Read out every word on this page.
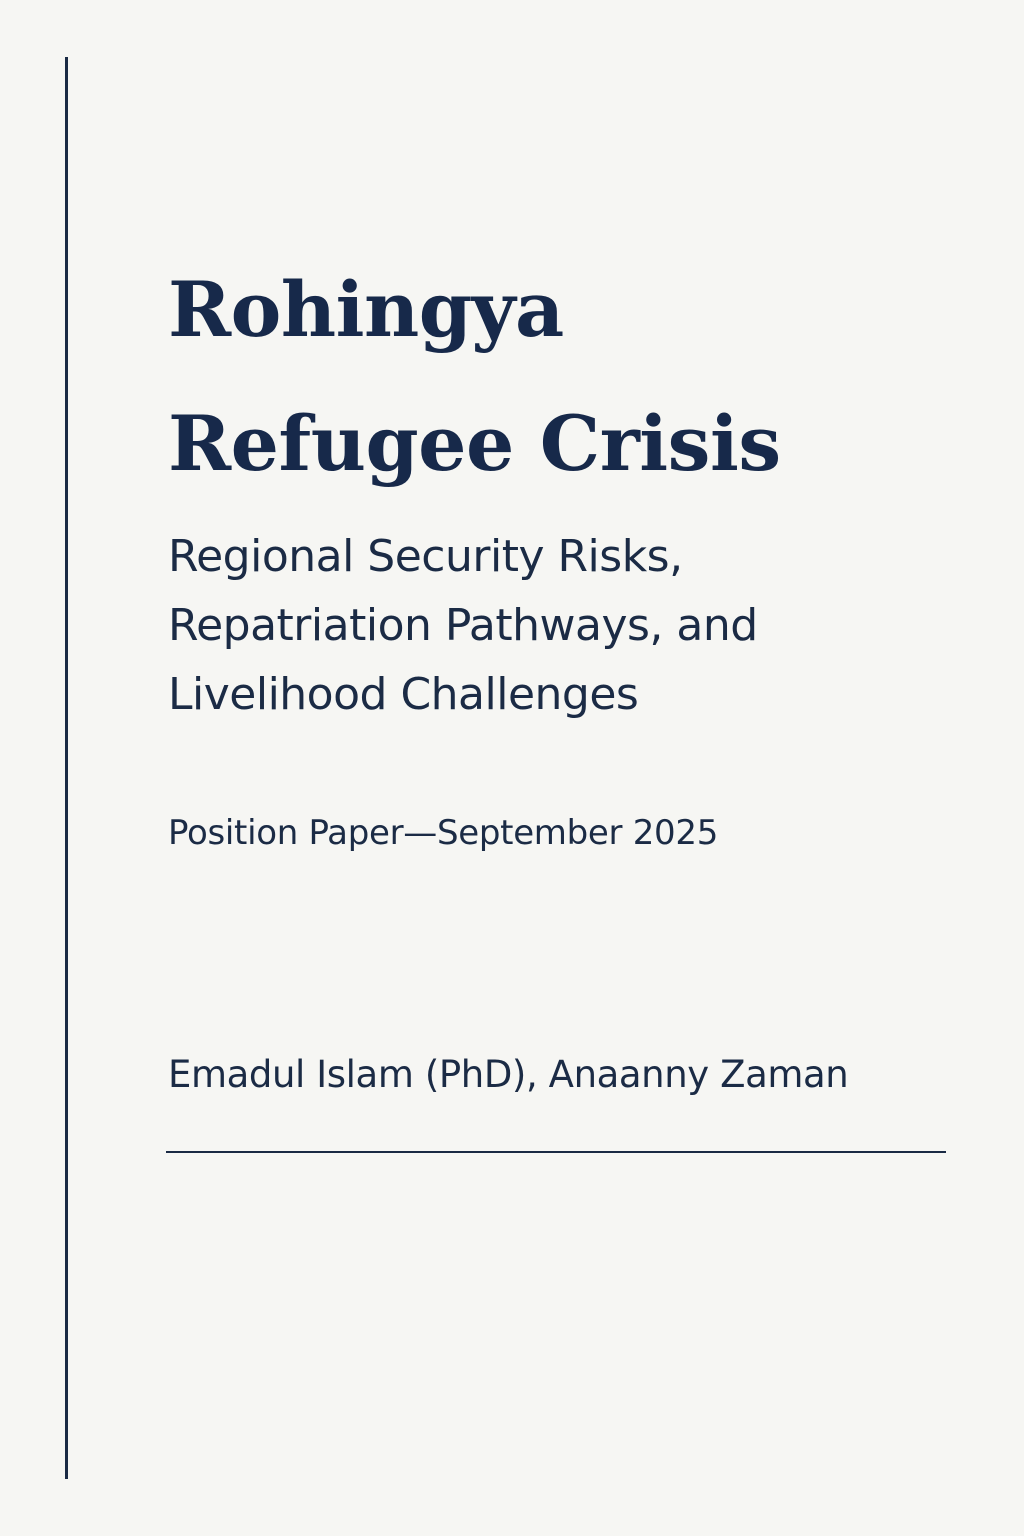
Rohingya
Refugee Crisis
Regional Security Risks,
Repatriation Pathways, and
Livelihood Challenges

Position Paper—September 2025

Emadul Islam (PhD), Anaanny Zaman
